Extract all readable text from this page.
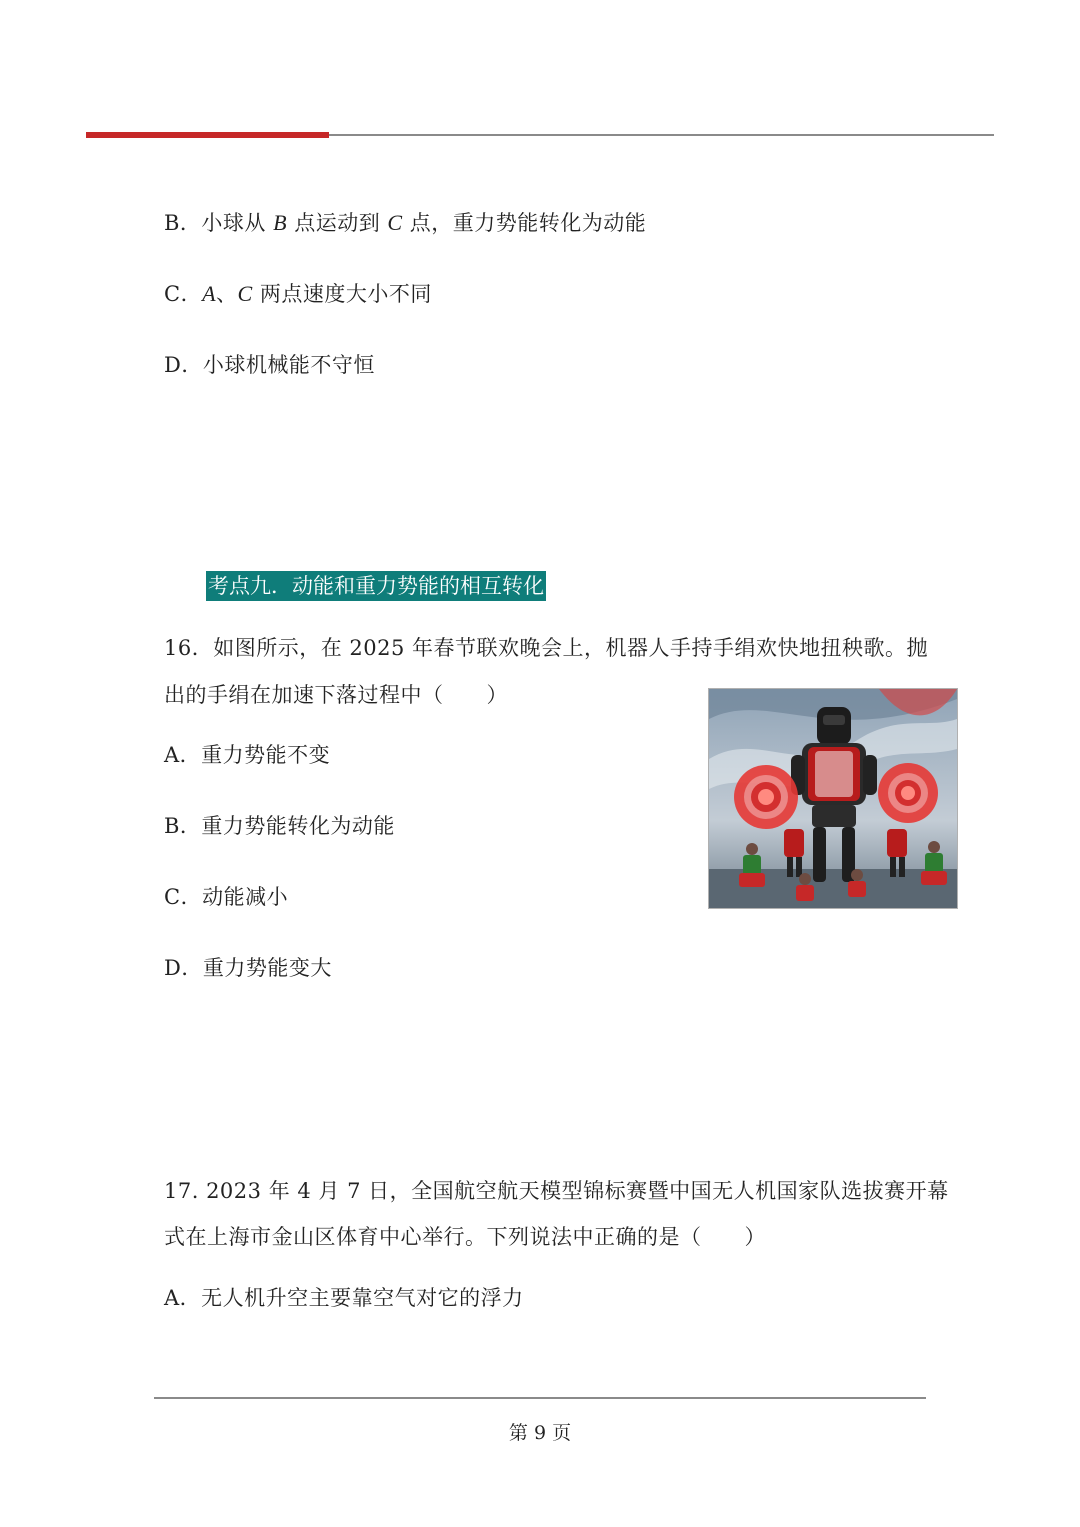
B．小球从 B 点运动到 C 点，重力势能转化为动能
C．A、C 两点速度大小不同
D．小球机械能不守恒
考点九．动能和重力势能的相互转化
16．如图所示，在 2025 年春节联欢晚会上，机器人手持手绢欢快地扭秧歌。抛
出的手绢在加速下落过程中（　　）
A．重力势能不变
B．重力势能转化为动能
C．动能减小
D．重力势能变大
17. 2023 年 4 月 7 日，全国航空航天模型锦标赛暨中国无人机国家队选拔赛开幕
式在上海市金山区体育中心举行。下列说法中正确的是（　　）
A．无人机升空主要靠空气对它的浮力
第 9 页
